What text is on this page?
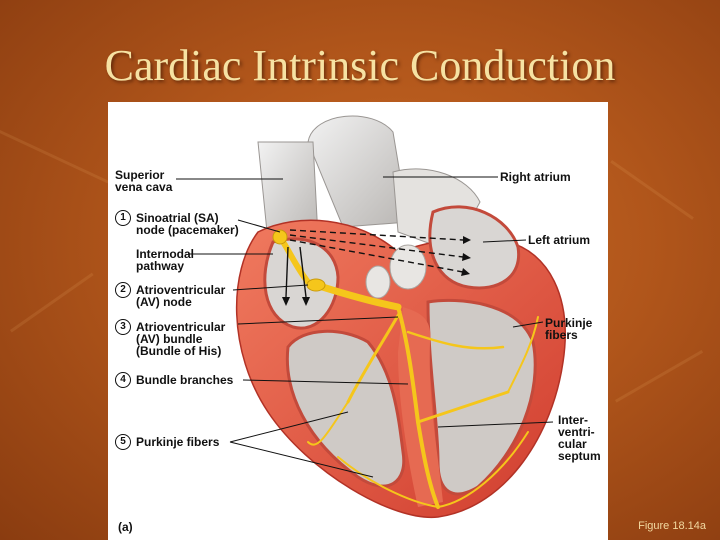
Cardiac Intrinsic Conduction
Superior
vena cava
1 Sinoatrial (SA)
node (pacemaker)
Internodal
pathway
2 Atrioventricular
(AV) node
3 Atrioventricular
(AV) bundle
(Bundle of His)
4 Bundle branches
5 Purkinje fibers
Right atrium
Left atrium
Purkinje
fibers
Inter-
ventri-
cular
septum
(a)	Figure 18.14a
